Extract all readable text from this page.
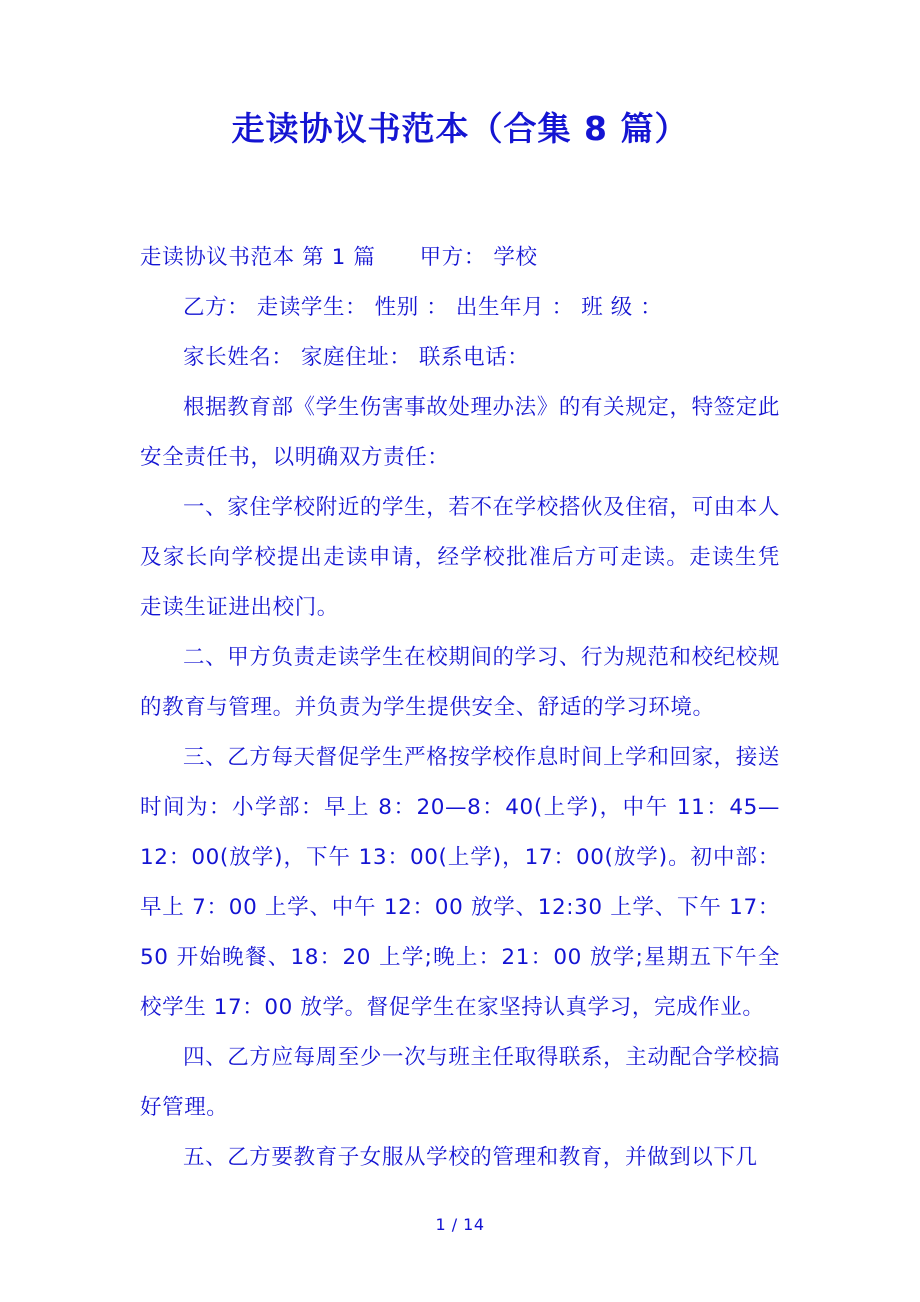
走读协议书范本（合集 8 篇）

走读协议书范本 第 1 篇　　甲方： 学校

乙方： 走读学生： 性别 ： 出生年月 ： 班 级 ：

家长姓名： 家庭住址： 联系电话：

根据教育部《学生伤害事故处理办法》的有关规定，特签定此安全责任书，以明确双方责任：

一、家住学校附近的学生，若不在学校搭伙及住宿，可由本人及家长向学校提出走读申请，经学校批准后方可走读。走读生凭走读生证进出校门。

二、甲方负责走读学生在校期间的学习、行为规范和校纪校规的教育与管理。并负责为学生提供安全、舒适的学习环境。

三、乙方每天督促学生严格按学校作息时间上学和回家，接送时间为：小学部：早上 8：20—8：40(上学)，中午 11：45—12：00(放学)，下午 13：00(上学)，17：00(放学)。初中部：早上 7：00 上学、中午 12：00 放学、12:30 上学、下午 17：50 开始晚餐、18：20 上学;晚上：21：00 放学;星期五下午全校学生 17：00 放学。督促学生在家坚持认真学习，完成作业。

四、乙方应每周至少一次与班主任取得联系，主动配合学校搞好管理。

五、乙方要教育子女服从学校的管理和教育，并做到以下几

1 / 14
